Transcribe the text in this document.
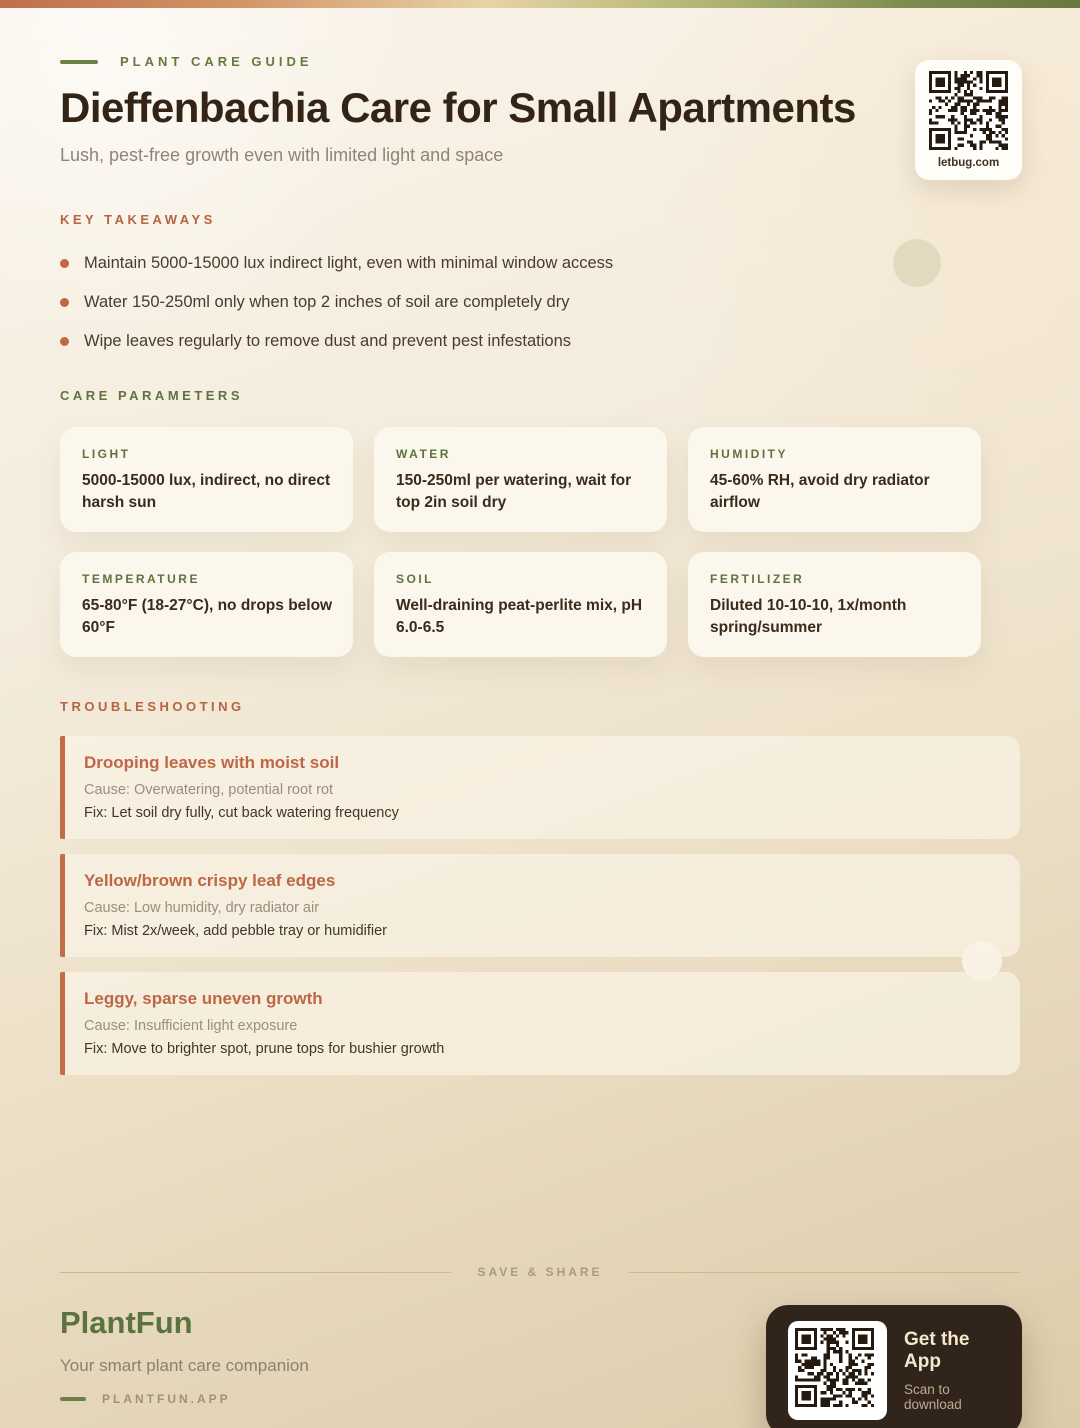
letbug.com
PLANT CARE GUIDE
Dieffenbachia Care for Small Apartments
Lush, pest-free growth even with limited light and space
KEY TAKEAWAYS
Maintain 5000-15000 lux indirect light, even with minimal window access
Water 150-250ml only when top 2 inches of soil are completely dry
Wipe leaves regularly to remove dust and prevent pest infestations
CARE PARAMETERS
LIGHT
5000-15000 lux, indirect, no direct harsh sun
WATER
150-250ml per watering, wait for top 2in soil dry
HUMIDITY
45-60% RH, avoid dry radiator airflow
TEMPERATURE
65-80°F (18-27°C), no drops below 60°F
SOIL
Well-draining peat-perlite mix, pH 6.0-6.5
FERTILIZER
Diluted 10-10-10, 1x/month spring/summer
TROUBLESHOOTING
Drooping leaves with moist soil
Cause: Overwatering, potential root rot
Fix: Let soil dry fully, cut back watering frequency
Yellow/brown crispy leaf edges
Cause: Low humidity, dry radiator air
Fix: Mist 2x/week, add pebble tray or humidifier
Leggy, sparse uneven growth
Cause: Insufficient light exposure
Fix: Move to brighter spot, prune tops for bushier growth
SAVE & SHARE
PlantFun
Your smart plant care companion
PLANTFUN.APP
Get the App
Scan to download
